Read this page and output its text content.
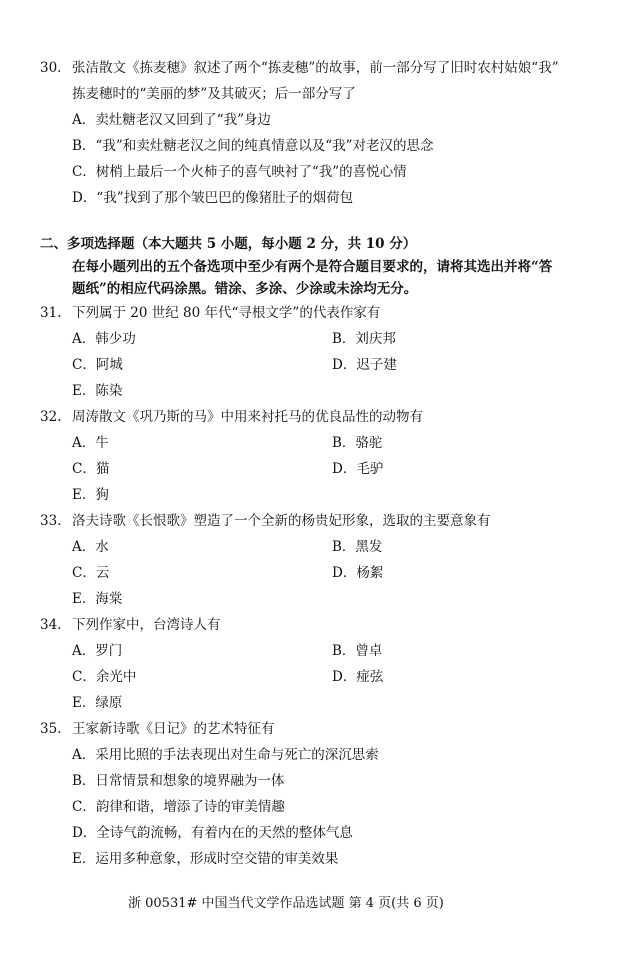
30. 张洁散文《拣麦穗》叙述了两个“拣麦穗”的故事，前一部分写了旧时农村姑娘“我”
拣麦穗时的“美丽的梦”及其破灭；后一部分写了
A．卖灶糖老汉又回到了“我”身边
B．“我”和卖灶糖老汉之间的纯真情意以及“我”对老汉的思念
C．树梢上最后一个火柿子的喜气映衬了“我”的喜悦心情
D．“我”找到了那个皱巴巴的像猪肚子的烟荷包
二、多项选择题（本大题共 5 小题，每小题 2 分，共 10 分）
在每小题列出的五个备选项中至少有两个是符合题目要求的，请将其选出并将“答
题纸”的相应代码涂黑。错涂、多涂、少涂或未涂均无分。
31. 下列属于 20 世纪 80 年代“寻根文学”的代表作家有
A．韩少功	B．刘庆邦
C．阿城	D．迟子建
E．陈染
32. 周涛散文《巩乃斯的马》中用来衬托马的优良品性的动物有
A．牛	B．骆驼
C．猫	D．毛驴
E．狗
33. 洛夫诗歌《长恨歌》塑造了一个全新的杨贵妃形象，选取的主要意象有
A．水	B．黑发
C．云	D．杨絮
E．海棠
34. 下列作家中，台湾诗人有
A．罗门	B．曾卓
C．余光中	D．痖弦
E．绿原
35. 王家新诗歌《日记》的艺术特征有
A．采用比照的手法表现出对生命与死亡的深沉思索
B．日常情景和想象的境界融为一体
C．韵律和谐，增添了诗的审美情趣
D．全诗气韵流畅，有着内在的天然的整体气息
E．运用多种意象，形成时空交错的审美效果
浙 00531# 中国当代文学作品选试题 第 4 页(共 6 页)
